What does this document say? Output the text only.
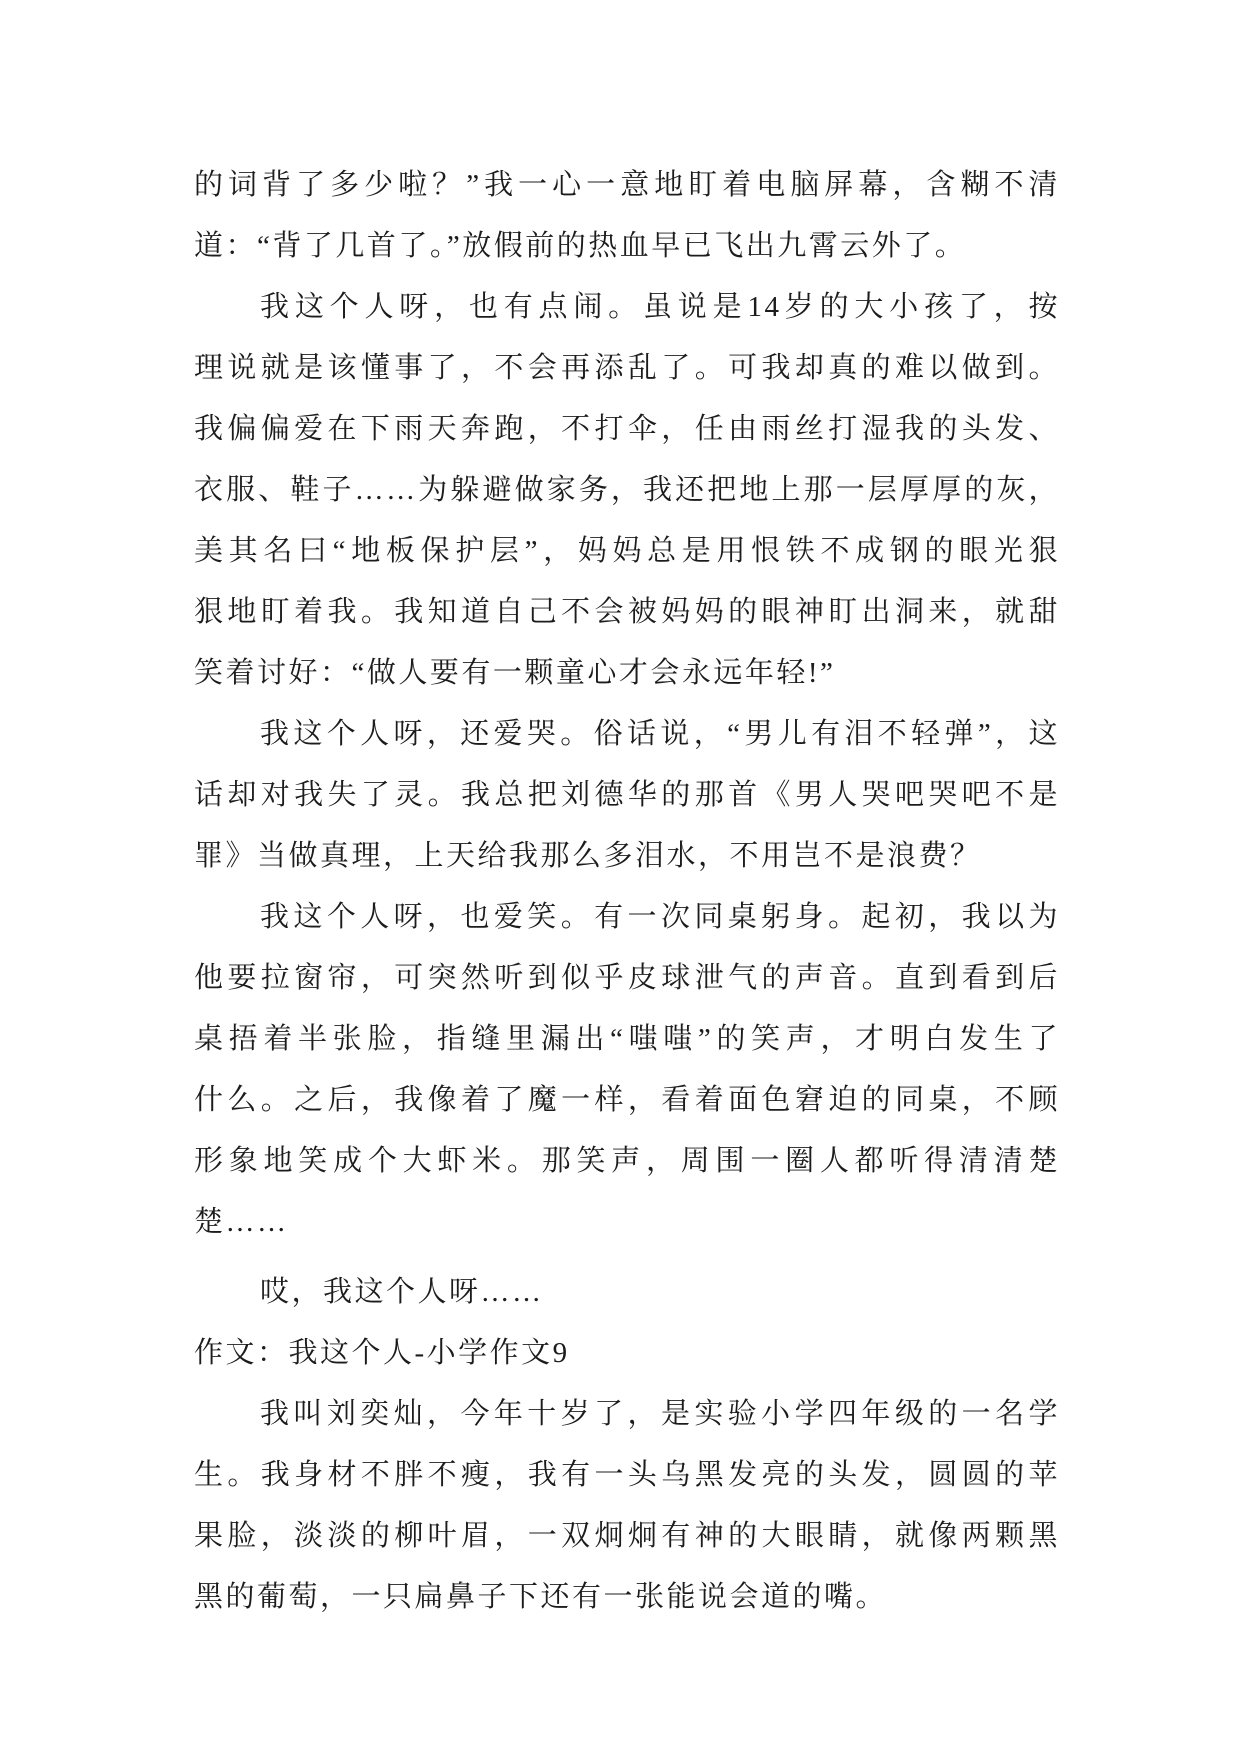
的词背了多少啦？”我一心一意地盯着电脑屏幕，含糊不清
道：“背了几首了。”放假前的热血早已飞出九霄云外了。
我这个人呀，也有点闹。虽说是14岁的大小孩了，按
理说就是该懂事了，不会再添乱了。可我却真的难以做到。
我偏偏爱在下雨天奔跑，不打伞，任由雨丝打湿我的头发、
衣服、鞋子……为躲避做家务，我还把地上那一层厚厚的灰，
美其名曰“地板保护层”，妈妈总是用恨铁不成钢的眼光狠
狠地盯着我。我知道自己不会被妈妈的眼神盯出洞来，就甜
笑着讨好：“做人要有一颗童心才会永远年轻!”
我这个人呀，还爱哭。俗话说，“男儿有泪不轻弹”，这
话却对我失了灵。我总把刘德华的那首《男人哭吧哭吧不是
罪》当做真理，上天给我那么多泪水，不用岂不是浪费？
我这个人呀，也爱笑。有一次同桌躬身。起初，我以为
他要拉窗帘，可突然听到似乎皮球泄气的声音。直到看到后
桌捂着半张脸，指缝里漏出“嗤嗤”的笑声，才明白发生了
什么。之后，我像着了魔一样，看着面色窘迫的同桌，不顾
形象地笑成个大虾米。那笑声，周围一圈人都听得清清楚
楚……
哎，我这个人呀……
作文：我这个人-小学作文9
我叫刘奕灿，今年十岁了，是实验小学四年级的一名学
生。我身材不胖不瘦，我有一头乌黑发亮的头发，圆圆的苹
果脸，淡淡的柳叶眉，一双炯炯有神的大眼睛，就像两颗黑
黑的葡萄，一只扁鼻子下还有一张能说会道的嘴。
